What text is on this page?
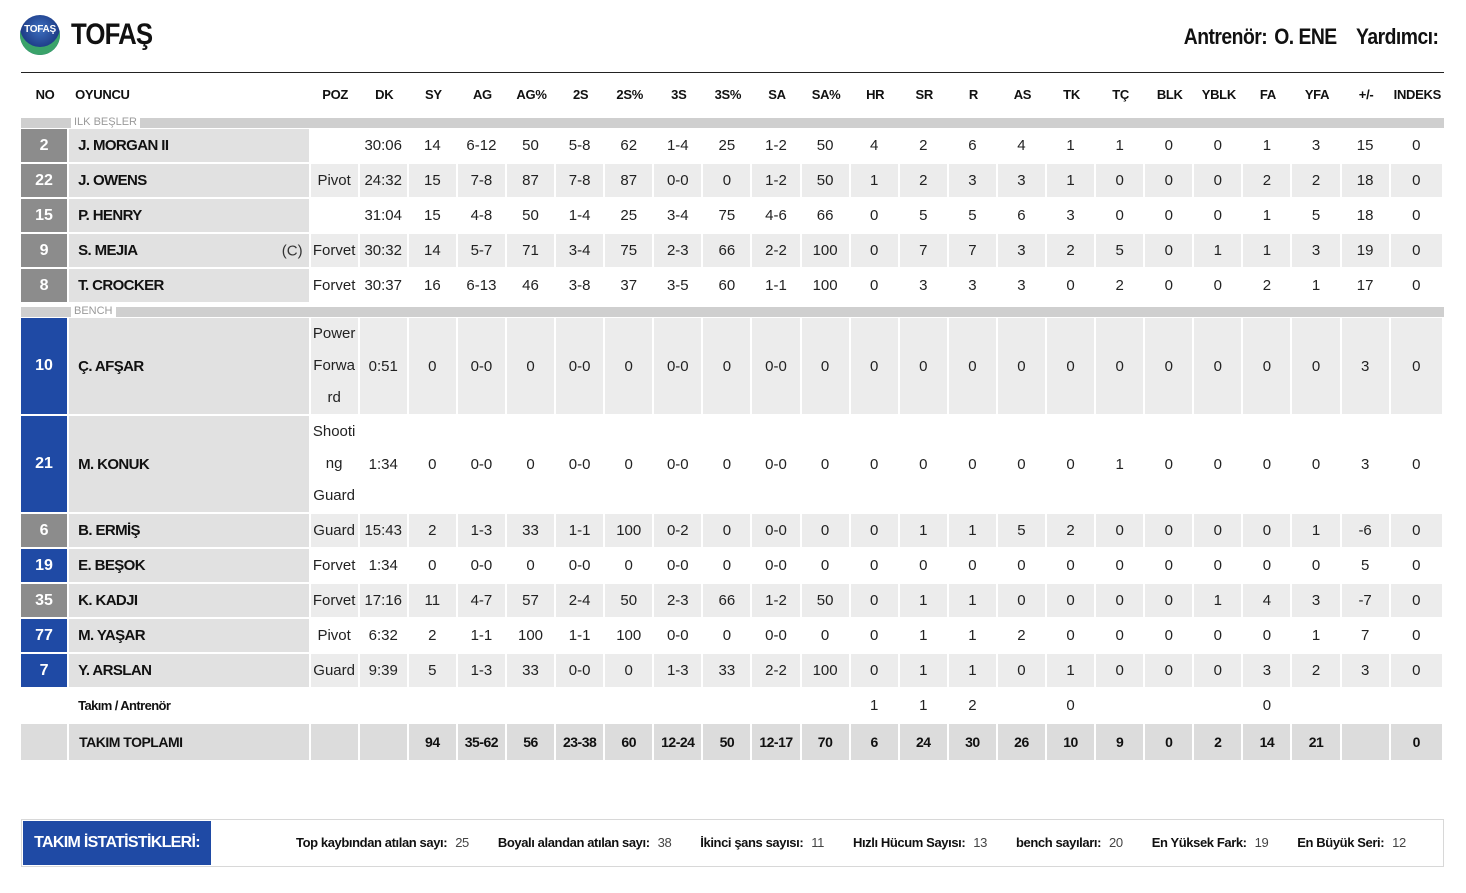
TOFAŞ TOFAŞ	Antrenör: O. ENE Yardımcı:
NO	OYUNCU	POZ	DK	SY	AG	AG%	2S	2S%	3S	3S%	SA	SA%	HR	SR	R	AS	TK	TÇ	BLK	YBLK	FA	YFA	+/-	INDEKS

ILK BEŞLER																								

2	J. MORGAN II		30:06	14	6-12	50	5-8	62	1-4	25	1-2	50	4	2	6	4	1	1	0	0	1	3	15	0
22	J. OWENS	Pivot	24:32	15	7-8	87	7-8	87	0-0	0	1-2	50	1	2	3	3	1	0	0	0	2	2	18	0
15	P. HENRY		31:04	15	4-8	50	1-4	25	3-4	75	4-6	66	0	5	5	6	3	0	0	0	1	5	18	0
9	S. MEJIA (C)	Forvet	30:32	14	5-7	71	3-4	75	2-3	66	2-2	100	0	7	7	3	2	5	0	1	1	3	19	0
8	T. CROCKER	Forvet	30:37	16	6-13	46	3-8	37	3-5	60	1-1	100	0	3	3	3	0	2	0	0	2	1	17	0

BENCH																								

10	Ç. AFŞAR	Power
Forwa
rd	0:51	0	0-0	0	0-0	0	0-0	0	0-0	0	0	0	0	0	0	0	0	0	0	0	3	0
21	M. KONUK	Shooti
ng
Guard	1:34	0	0-0	0	0-0	0	0-0	0	0-0	0	0	0	0	0	0	1	0	0	0	0	3	0
6	B. ERMİŞ	Guard	15:43	2	1-3	33	1-1	100	0-2	0	0-0	0	0	1	1	5	2	0	0	0	0	1	-6	0
19	E. BEŞOK	Forvet	1:34	0	0-0	0	0-0	0	0-0	0	0-0	0	0	0	0	0	0	0	0	0	0	0	5	0
35	K. KADJI	Forvet	17:16	11	4-7	57	2-4	50	2-3	66	1-2	50	0	1	1	0	0	0	0	1	4	3	-7	0
77	M. YAŞAR	Pivot	6:32	2	1-1	100	1-1	100	0-0	0	0-0	0	0	1	1	2	0	0	0	0	0	1	7	0
7	Y. ARSLAN	Guard	9:39	5	1-3	33	0-0	0	1-3	33	2-2	100	0	1	1	0	1	0	0	0	3	2	3	0
	Takım / Antrenör												1	1	2		0				0			
	TAKIM TOPLAMI			94	35-62	56	23-38	60	12-24	50	12-17	70	6	24	30	26	10	9	0	2	14	21		0
TAKIM İSTATİSTİKLERİ:	Top kaybından atılan sayı: 25 Boyalı alandan atılan sayı: 38 İkinci şans sayısı: 11 Hızlı Hücum Sayısı: 13 bench sayıları: 20 En Yüksek Fark: 19 En Büyük Seri: 12
